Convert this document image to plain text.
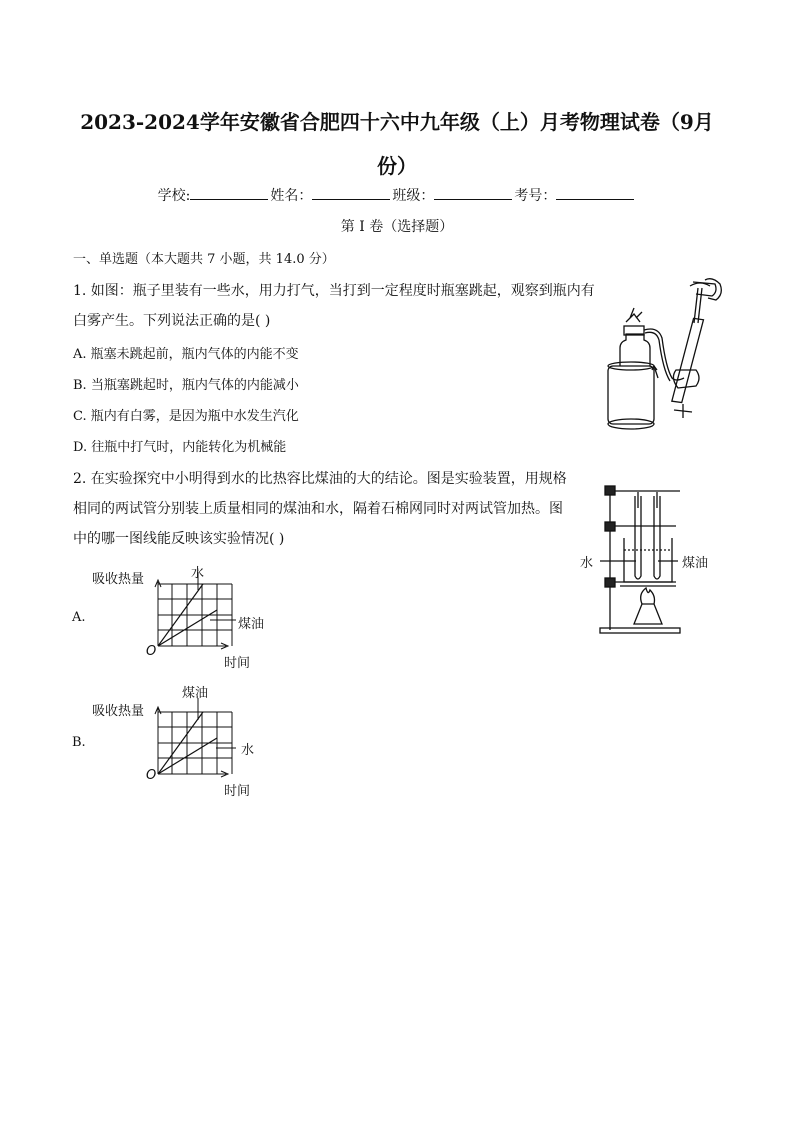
2023-2024学年安徽省合肥四十六中九年级（上）月考物理试卷（9月
份）
学校:	姓名：	班级：	考号：
第 I 卷（选择题）
一、单选题（本大题共 7 小题，共 14.0 分）
1. 如图：瓶子里装有一些水，用力打气，当打到一定程度时瓶塞跳起，观察到瓶内有
白雾产生。下列说法正确的是( )
A. 瓶塞未跳起前，瓶内气体的内能不变
B. 当瓶塞跳起时，瓶内气体的内能减小
C. 瓶内有白雾，是因为瓶中水发生汽化
D. 往瓶中打气时，内能转化为机械能
2. 在实验探究中小明得到水的比热容比煤油的大的结论。图是实验装置，用规格
相同的两试管分别装上质量相同的煤油和水，隔着石棉网同时对两试管加热。图
中的哪一图线能反映该实验情况( )
水	煤油
A.
吸收热量	水
煤油
O
时间
B.
吸收热量
煤油
水
O
时间
